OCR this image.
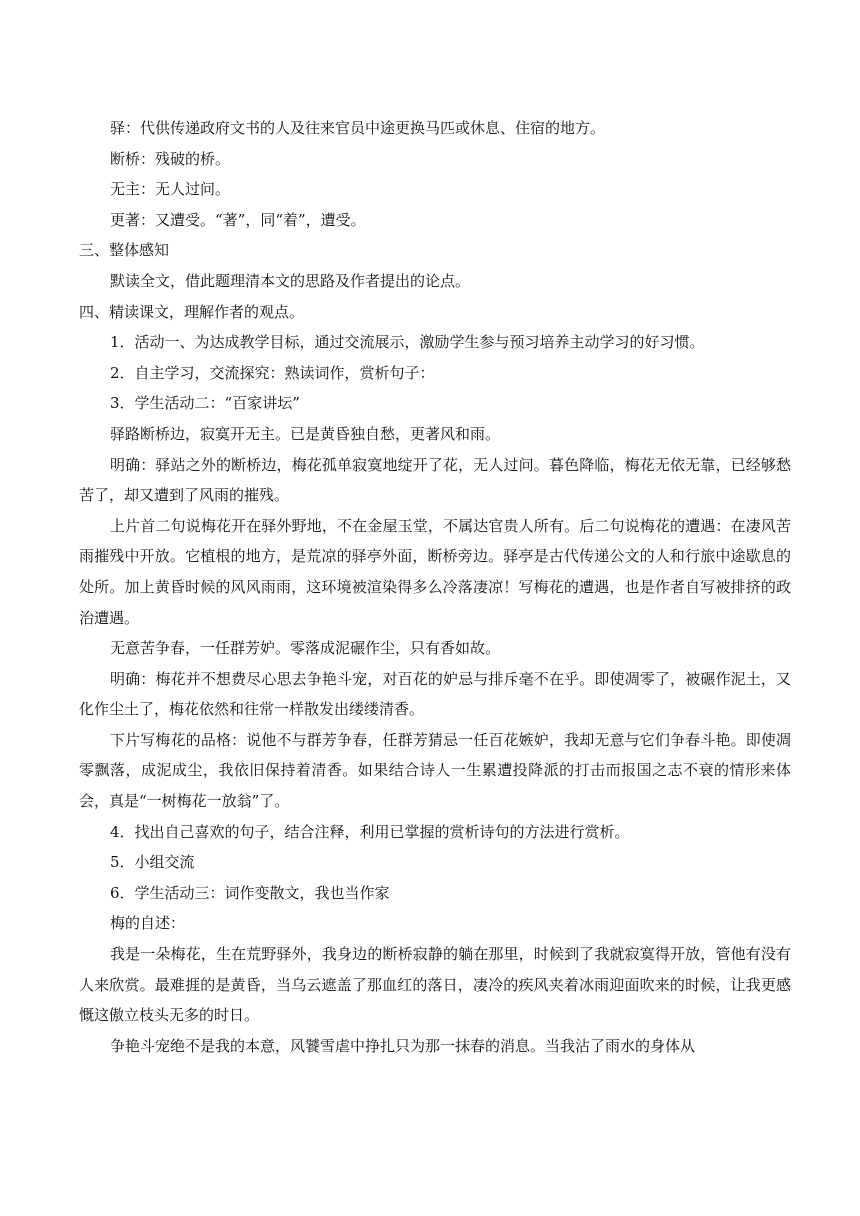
驿：代供传递政府文书的人及往来官员中途更换马匹或休息、住宿的地方。

断桥：残破的桥。

无主：无人过问。

更著：又遭受。“著”，同“着”，遭受。

三、整体感知

默读全文，借此题理清本文的思路及作者提出的论点。

四、精读课文，理解作者的观点。

1．活动一、为达成教学目标，通过交流展示，激励学生参与预习培养主动学习的好习惯。

2．自主学习，交流探究：熟读词作，赏析句子：

3．学生活动二：“百家讲坛”

驿路断桥边，寂寞开无主。已是黄昏独自愁，更著风和雨。

明确：驿站之外的断桥边，梅花孤单寂寞地绽开了花，无人过问。暮色降临，梅花无依无靠，已经够愁苦了，却又遭到了风雨的摧残。

上片首二句说梅花开在驿外野地，不在金屋玉堂，不属达官贵人所有。后二句说梅花的遭遇：在凄风苦雨摧残中开放。它植根的地方，是荒凉的驿亭外面，断桥旁边。驿亭是古代传递公文的人和行旅中途歇息的处所。加上黄昏时候的风风雨雨，这环境被渲染得多么冷落凄凉！写梅花的遭遇，也是作者自写被排挤的政治遭遇。

无意苦争春，一任群芳妒。零落成泥碾作尘，只有香如故。

明确：梅花并不想费尽心思去争艳斗宠，对百花的妒忌与排斥毫不在乎。即使凋零了，被碾作泥土，又化作尘土了，梅花依然和往常一样散发出缕缕清香。

下片写梅花的品格：说他不与群芳争春，任群芳猜忌一任百花嫉妒，我却无意与它们争春斗艳。即使凋零飘落，成泥成尘，我依旧保持着清香。如果结合诗人一生累遭投降派的打击而报国之志不衰的情形来体会，真是“一树梅花一放翁”了。

4．找出自己喜欢的句子，结合注释，利用已掌握的赏析诗句的方法进行赏析。

5．小组交流

6．学生活动三：词作变散文，我也当作家

梅的自述：

我是一朵梅花，生在荒野驿外，我身边的断桥寂静的躺在那里，时候到了我就寂寞得开放，管他有没有人来欣赏。最难捱的是黄昏，当乌云遮盖了那血红的落日，凄冷的疾风夹着冰雨迎面吹来的时候，让我更感慨这傲立枝头无多的时日。

争艳斗宠绝不是我的本意，风饕雪虐中挣扎只为那一抹春的消息。当我沾了雨水的身体从
